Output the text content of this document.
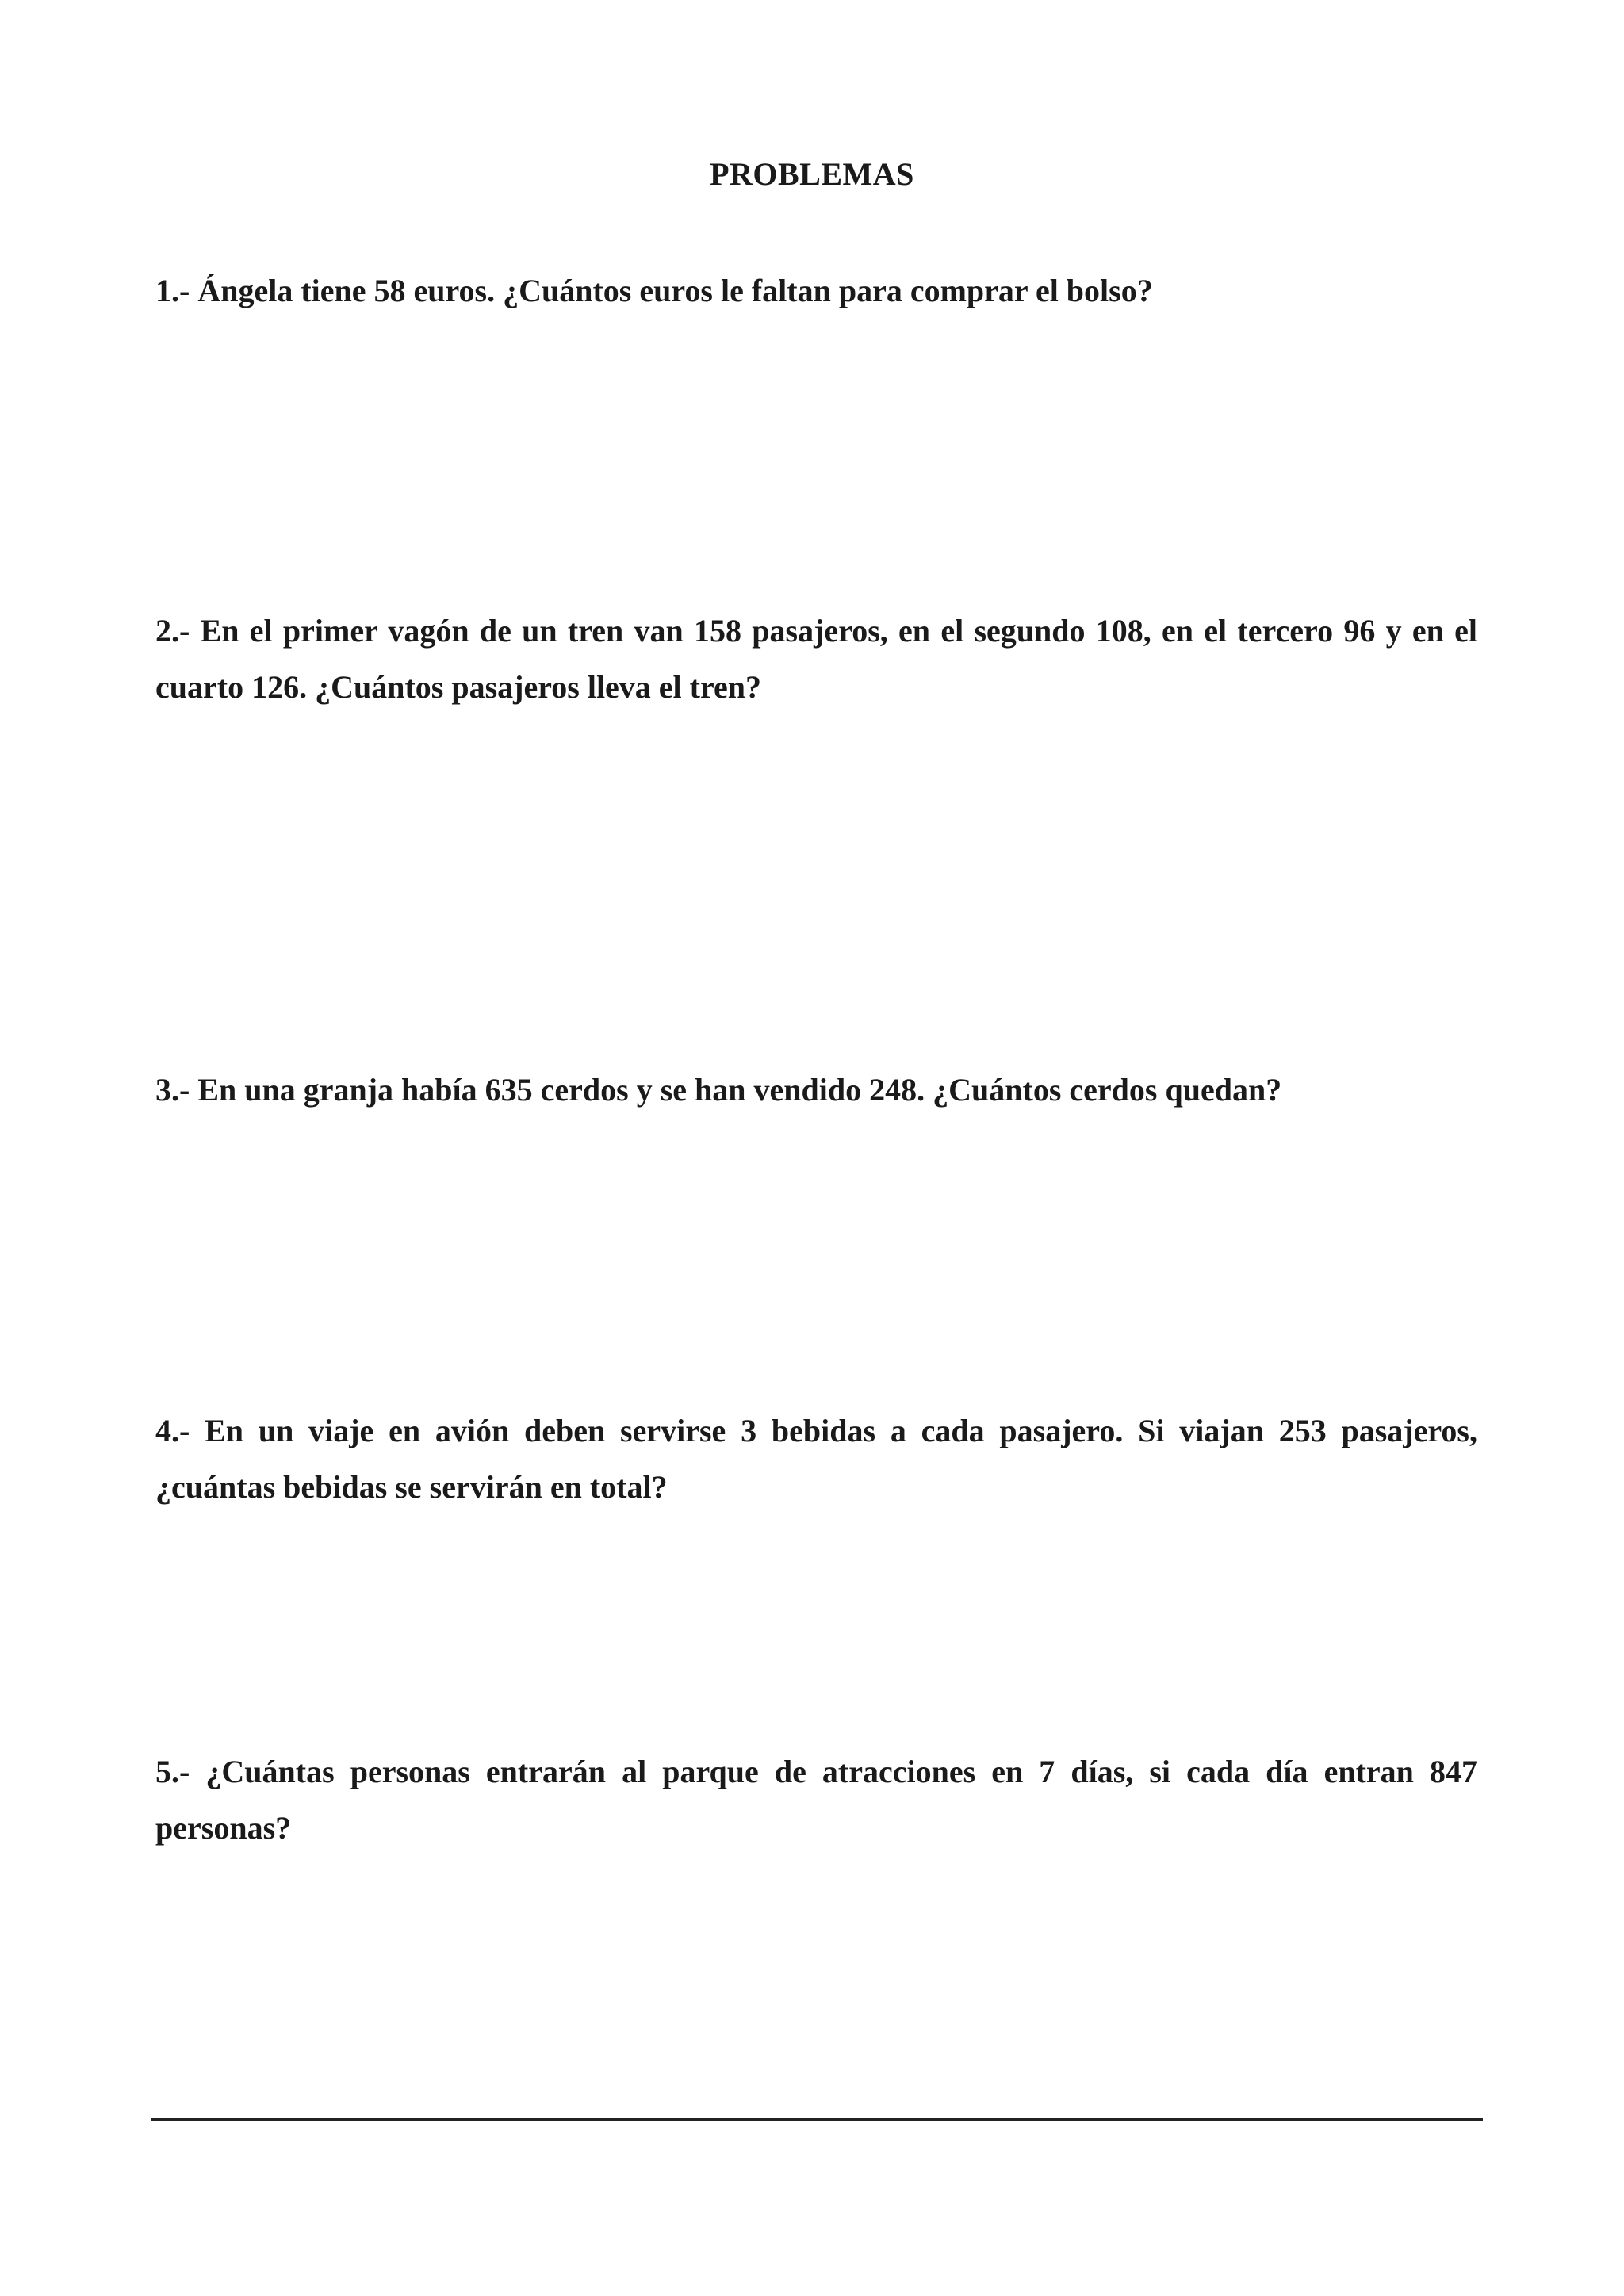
PROBLEMAS
1.- Ángela tiene 58 euros. ¿Cuántos euros le faltan para comprar el bolso?
2.- En el primer vagón de un tren van 158 pasajeros, en el segundo 108, en el tercero 96 y en el cuarto 126. ¿Cuántos pasajeros lleva el tren?
3.- En una granja había 635 cerdos y se han vendido 248. ¿Cuántos cerdos quedan?
4.- En un viaje en avión deben servirse 3 bebidas a cada pasajero. Si viajan 253 pasajeros, ¿cuántas bebidas se servirán en total?
5.- ¿Cuántas personas entrarán al parque de atracciones en 7 días, si cada día entran 847 personas?
